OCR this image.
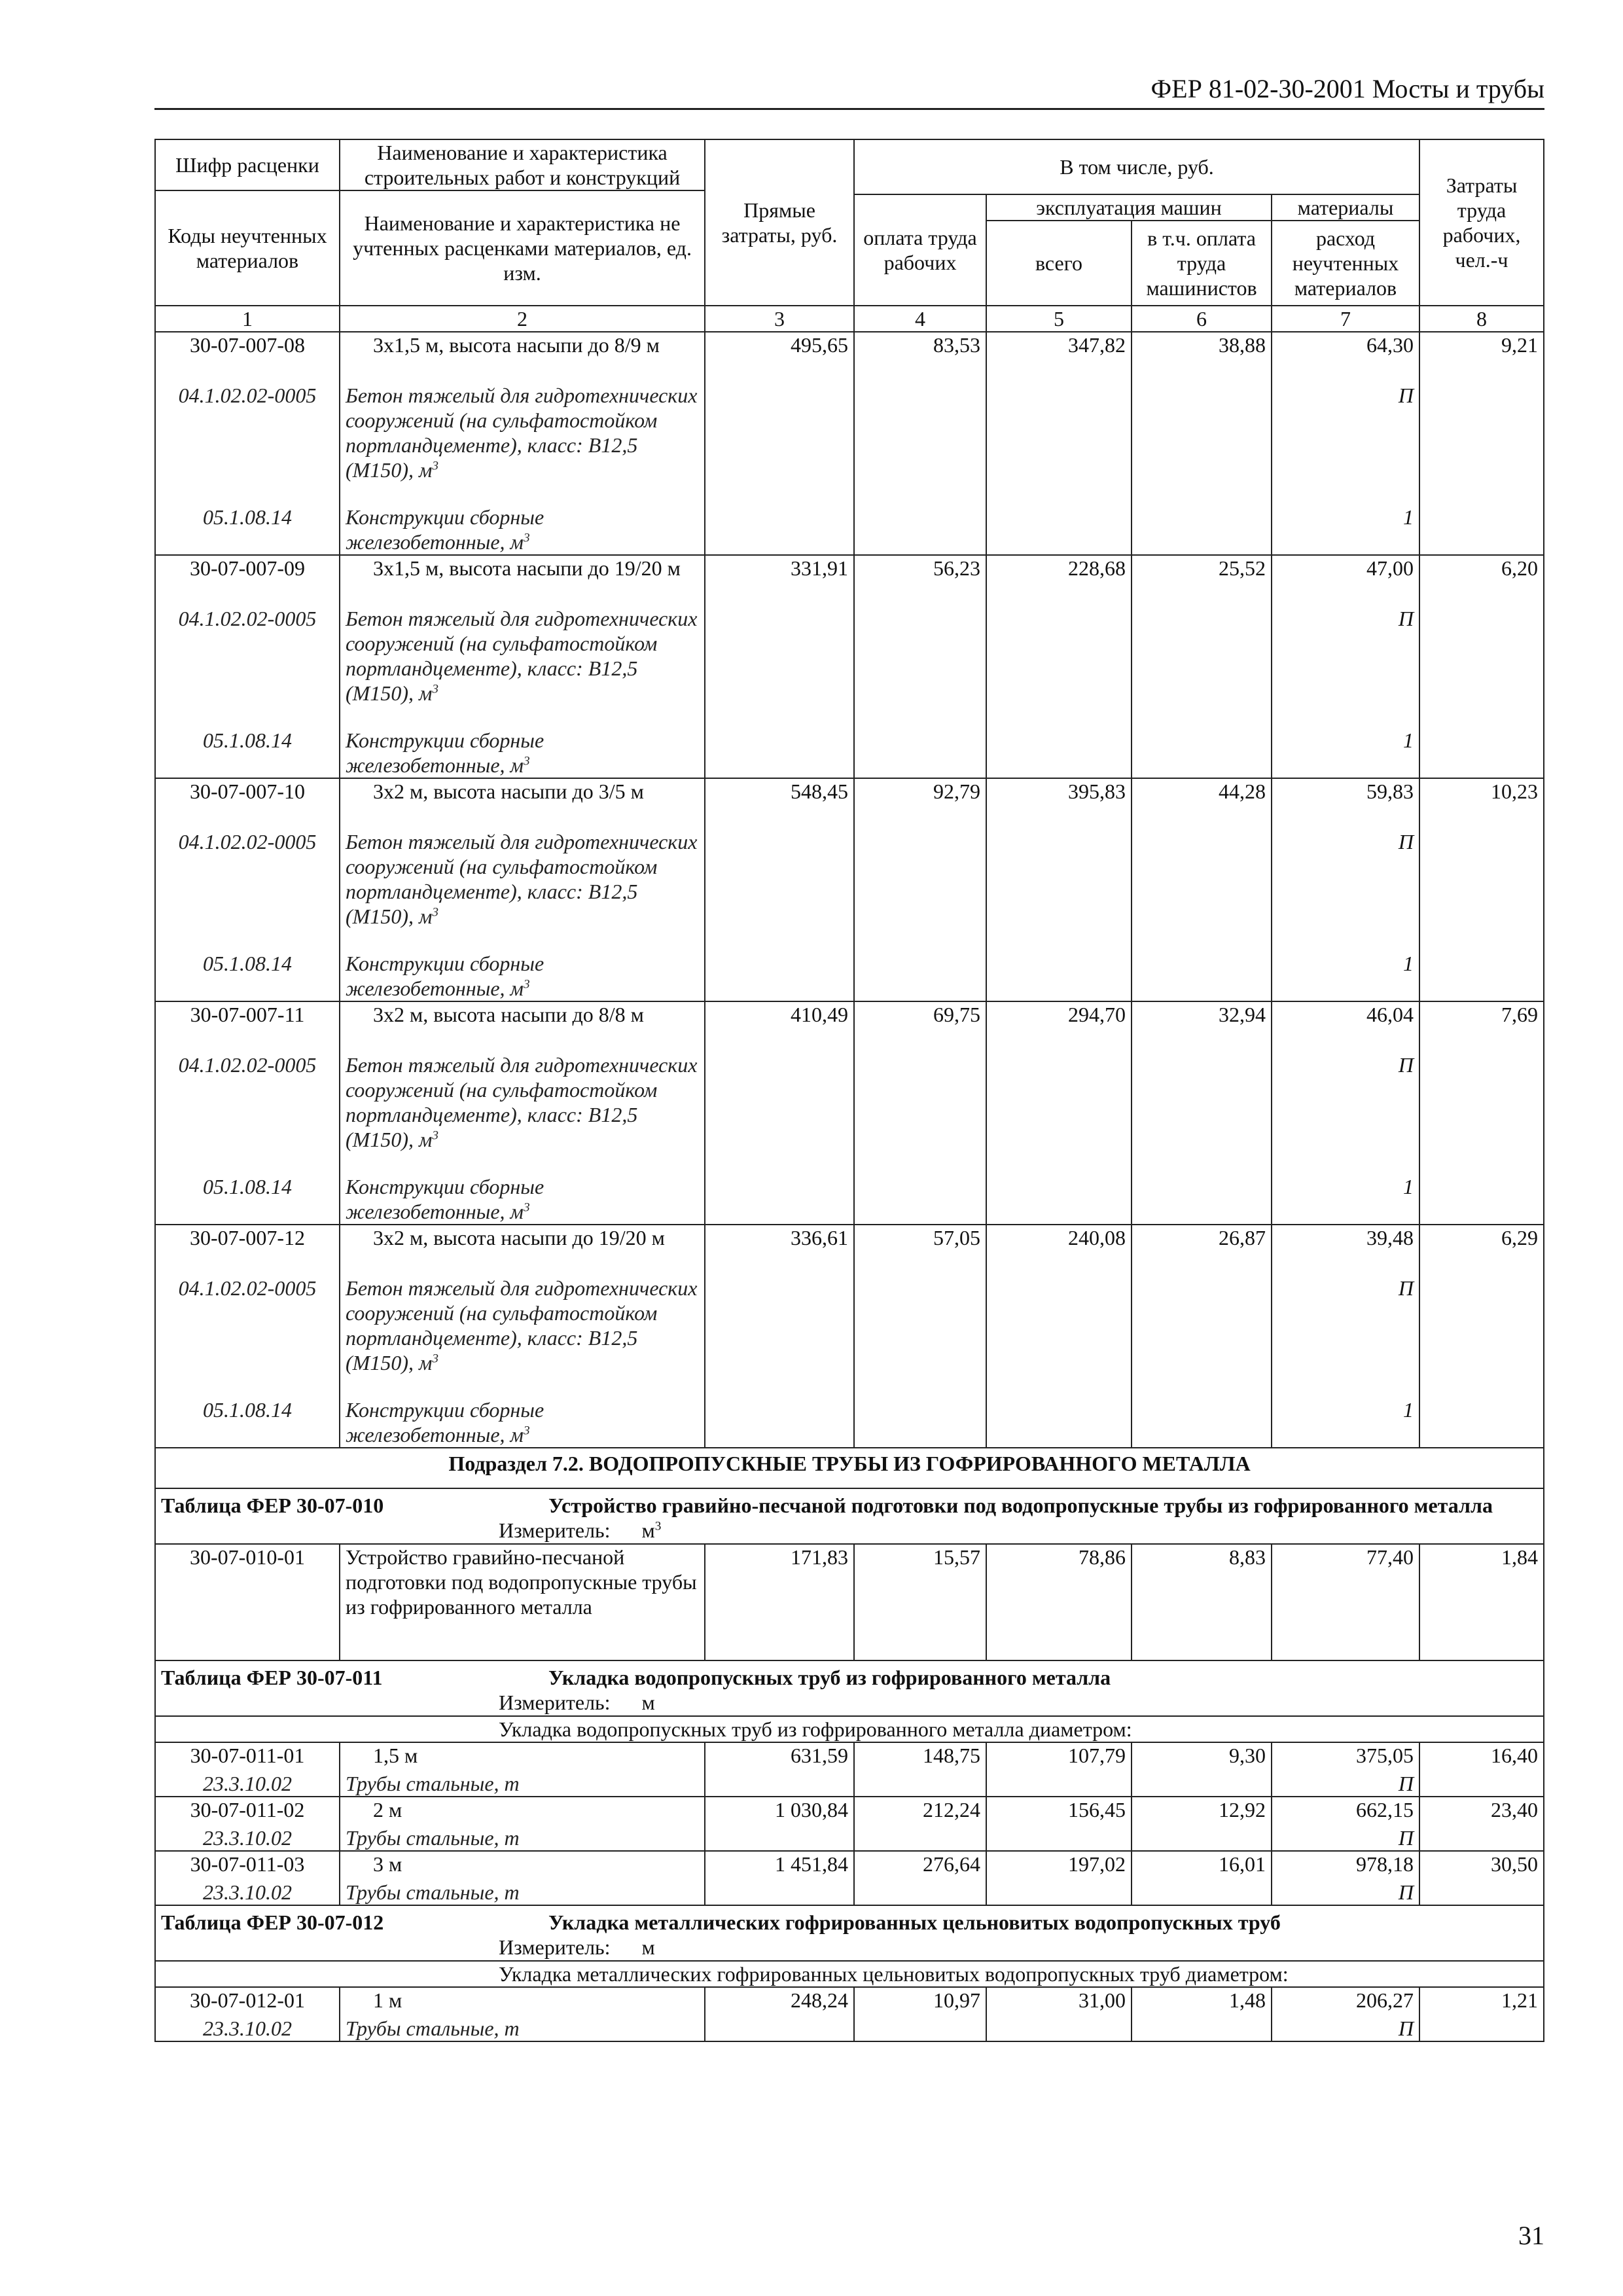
ФЕР 81-02-30-2001 Мосты и трубы
Шифр расценки	Наименование и характеристика строительных работ и конструкций	Прямые затраты, руб.	В том числе, руб.				Затраты труда рабочих, чел.-ч
Коды неучтенных материалов	Наименование и характеристика не учтенных расценками материалов, ед. изм.						
			оплата труда рабочих	эксплуатация машин		материалы	
				всего	в т.ч. оплата труда машинистов	расход неучтенных материалов	
1	2	3	4	5	6	7	8
30-07-007-08	3x1,5 м, высота насыпи до 8/9 м	495,65	83,53	347,82	38,88	64,30	9,21
04.1.02.02-0005	Бетон тяжелый для гидротехнических сооружений (на сульфатостойком портландцементе), класс: В12,5 (М150), $м^3$					П	
05.1.08.14	Конструкции сборные железобетонные, $м^3$					1	
30-07-007-09	3x1,5 м, высота насыпи до 19/20 м	331,91	56,23	228,68	25,52	47,00	6,20
04.1.02.02-0005	Бетон тяжелый для гидротехнических сооружений (на сульфатостойком портландцементе), класс: В12,5 (М150), $м^3$					П	
05.1.08.14	Конструкции сборные железобетонные, $м^3$					1	
30-07-007-10	3x2 м, высота насыпи до 3/5 м	548,45	92,79	395,83	44,28	59,83	10,23
04.1.02.02-0005	Бетон тяжелый для гидротехнических сооружений (на сульфатостойком портландцементе), класс: В12,5 (М150), $м^3$					П	
05.1.08.14	Конструкции сборные железобетонные, $м^3$					1	
30-07-007-11	3x2 м, высота насыпи до 8/8 м	410,49	69,75	294,70	32,94	46,04	7,69
04.1.02.02-0005	Бетон тяжелый для гидротехнических сооружений (на сульфатостойком портландцементе), класс: В12,5 (М150), $м^3$					П	
05.1.08.14	Конструкции сборные железобетонные, $м^3$					1	
30-07-007-12	3x2 м, высота насыпи до 19/20 м	336,61	57,05	240,08	26,87	39,48	6,29
04.1.02.02-0005	Бетон тяжелый для гидротехнических сооружений (на сульфатостойком портландцементе), класс: В12,5 (М150), $м^3$					П	
05.1.08.14	Конструкции сборные железобетонные, $м^3$					1	
Подраздел 7.2. ВОДОПРОПУСКНЫЕ ТРУБЫ ИЗ ГОФРИРОВАННОГО МЕТАЛЛА							
Таблица ФЕР 30-07-010 Устройство гравийно-песчаной подготовки под водопропускные трубы из гофрированного металла							
Измеритель: $м^3$
30-07-010-01	Устройство гравийно-песчаной подготовки под водопропускные трубы из гофрированного металла	171,83	15,57	78,86	8,83	77,40	1,84
Таблица ФЕР 30-07-011 Укладка водопропускных труб из гофрированного металла							
Измеритель: м							
Укладка водопропускных труб из гофрированного металла диаметром:							
30-07-011-01	1,5 м	631,59	148,75	107,79	9,30	375,05	16,40
23.3.10.02	Трубы стальные, т					П	
30-07-011-02	2 м	1 030,84	212,24	156,45	12,92	662,15	23,40
23.3.10.02	Трубы стальные, т					П	
30-07-011-03	3 м	1 451,84	276,64	197,02	16,01	978,18	30,50
23.3.10.02	Трубы стальные, т					П	
Таблица ФЕР 30-07-012 Укладка металлических гофрированных цельновитых водопропускных труб							
Измеритель: м							
Укладка металлических гофрированных цельновитых водопропускных труб диаметром:							
30-07-012-01	1 м	248,24	10,97	31,00	1,48	206,27	1,21
23.3.10.02	Трубы стальные, т					П	
31
